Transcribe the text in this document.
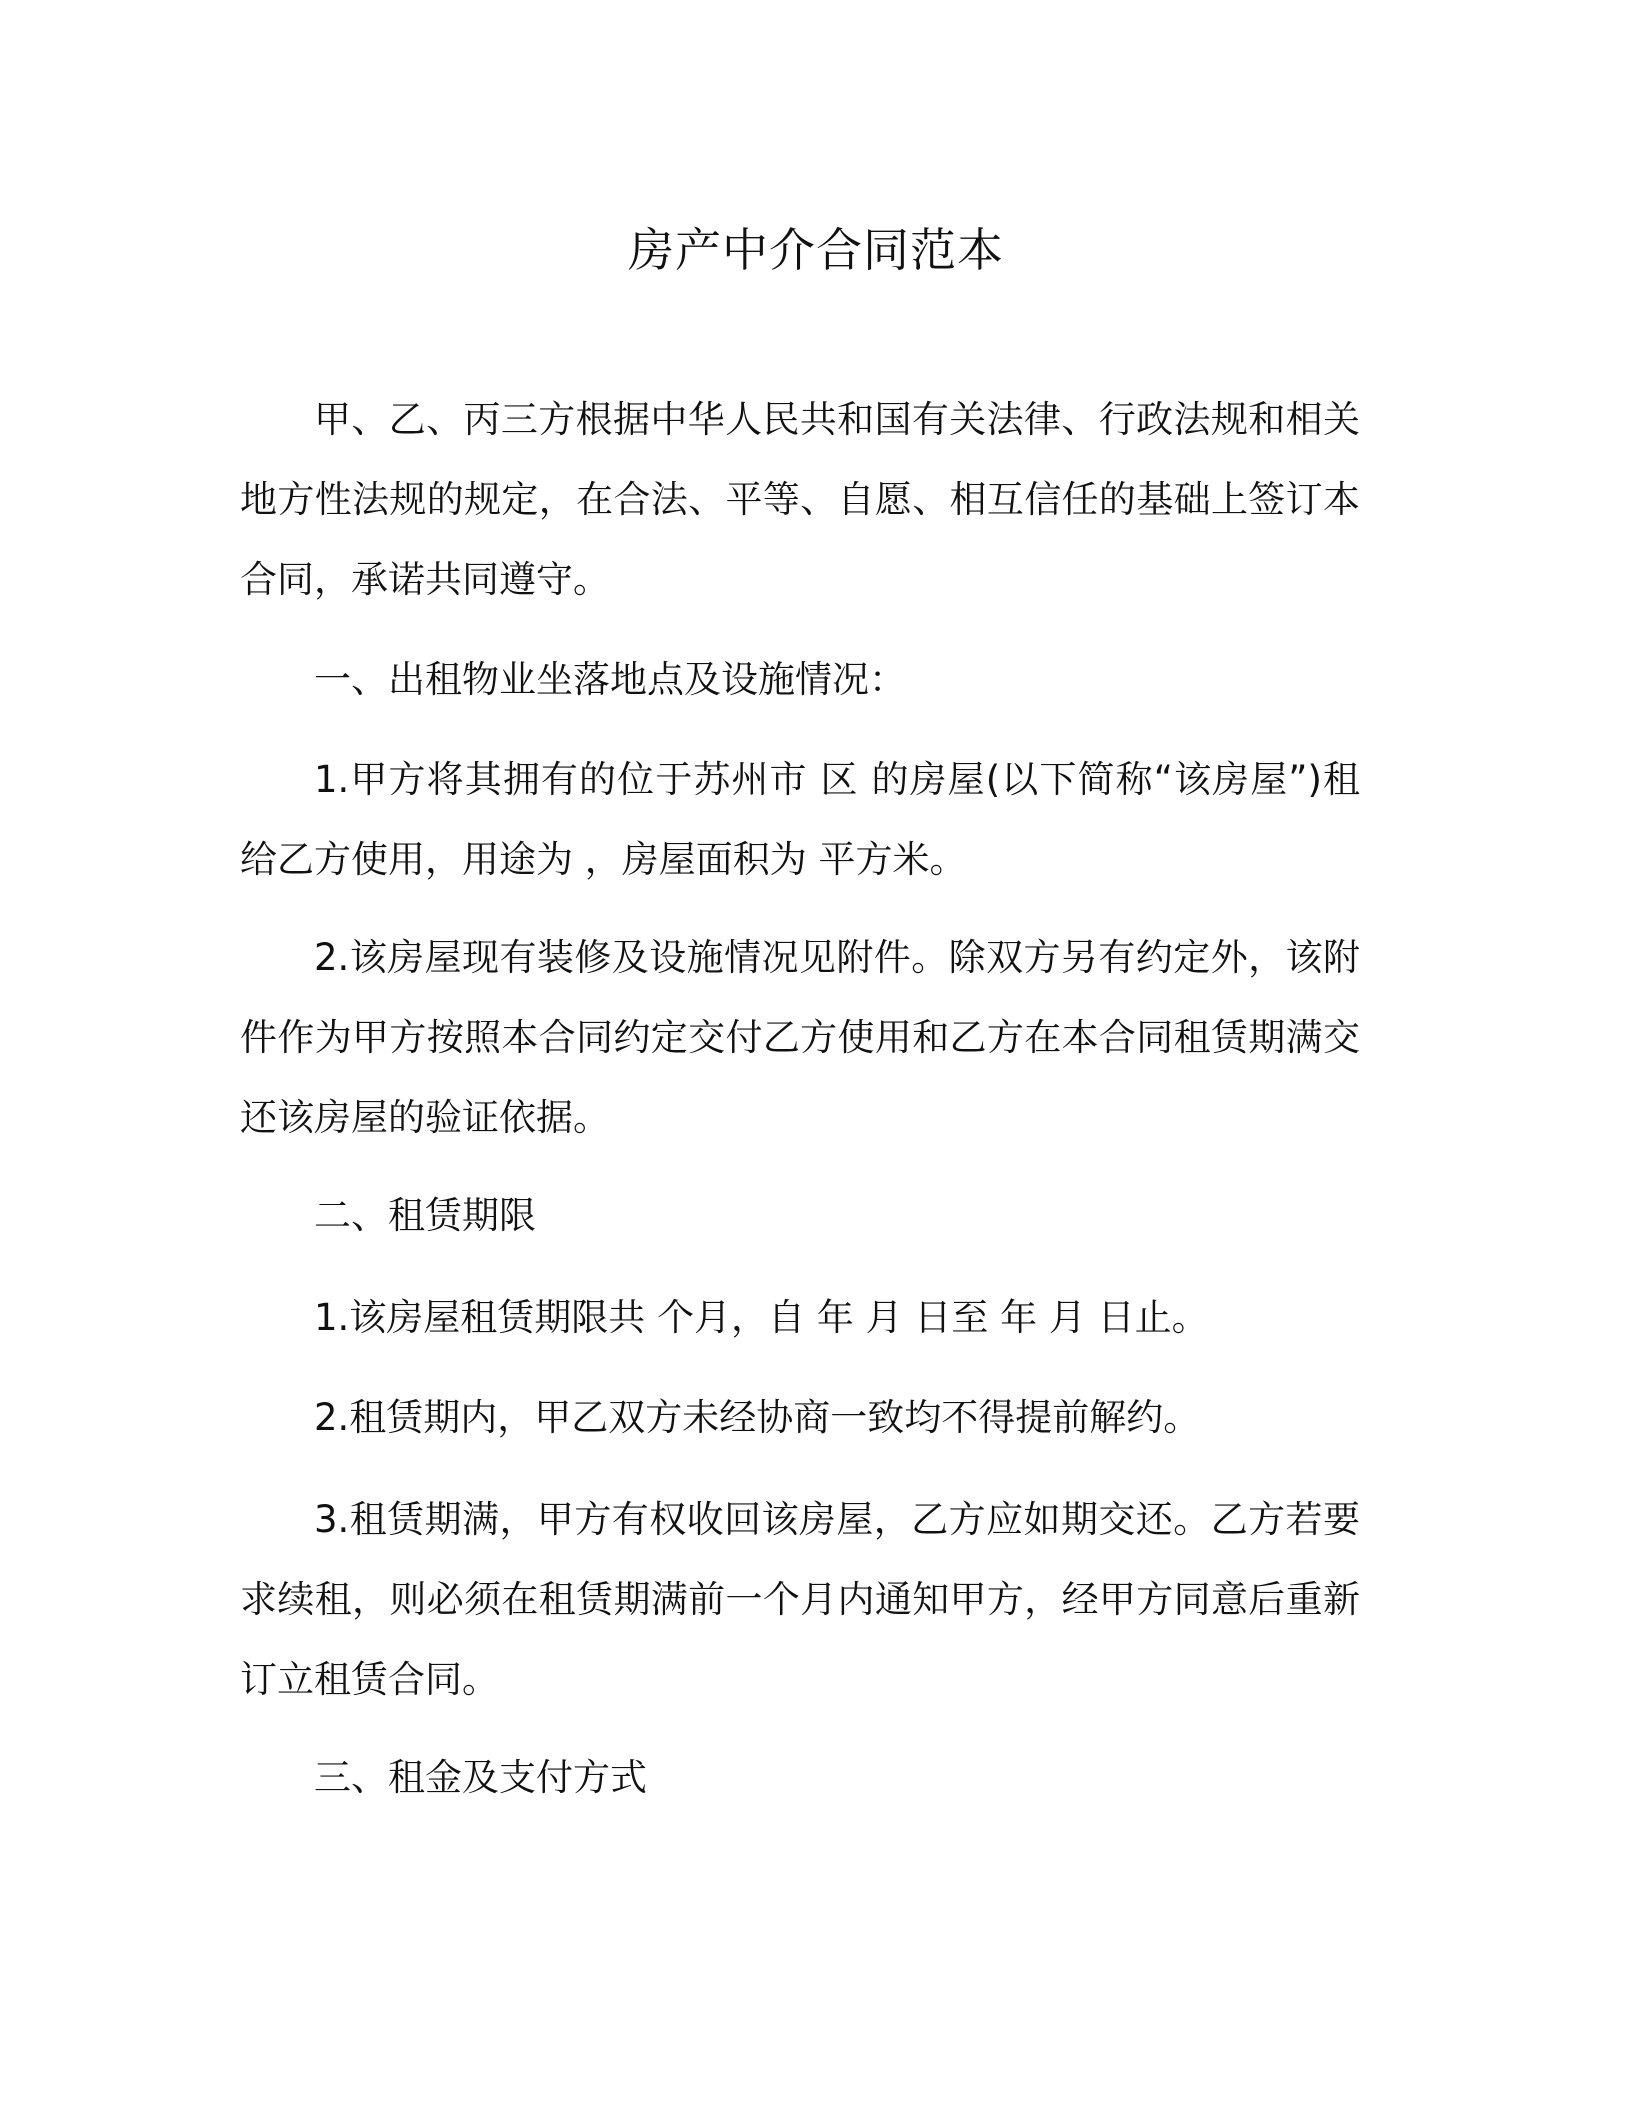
房产中介合同范本

甲、乙、丙三方根据中华人民共和国有关法律、行政法规和相关地方性法规的规定，在合法、平等、自愿、相互信任的基础上签订本合同，承诺共同遵守。

一、出租物业坐落地点及设施情况：

1.甲方将其拥有的位于苏州市 区 的房屋(以下简称“该房屋”)租给乙方使用，用途为 ，房屋面积为 平方米。

2.该房屋现有装修及设施情况见附件。除双方另有约定外，该附件作为甲方按照本合同约定交付乙方使用和乙方在本合同租赁期满交还该房屋的验证依据。

二、租赁期限

1.该房屋租赁期限共 个月，自 年 月 日至 年 月 日止。

2.租赁期内，甲乙双方未经协商一致均不得提前解约。

3.租赁期满，甲方有权收回该房屋，乙方应如期交还。乙方若要求续租，则必须在租赁期满前一个月内通知甲方，经甲方同意后重新订立租赁合同。

三、租金及支付方式
